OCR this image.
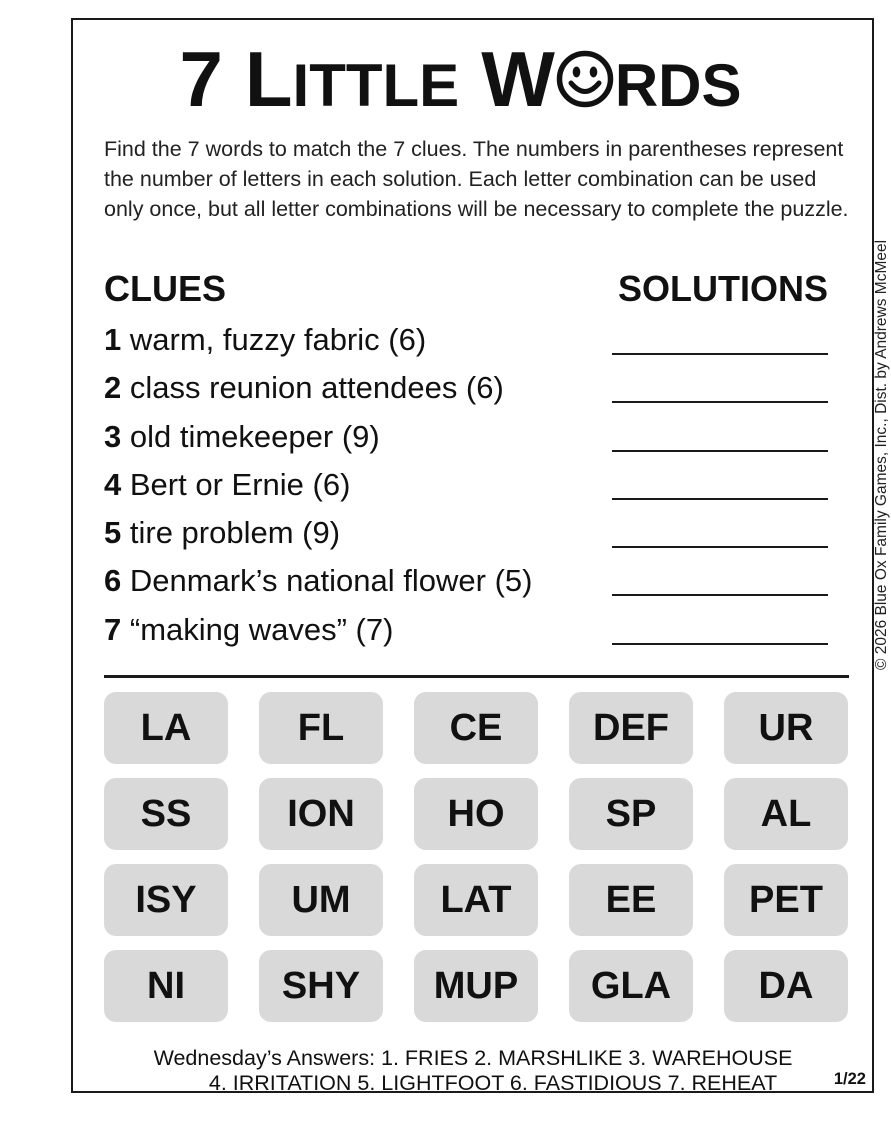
7 LITTLE W RDS

Find the 7 words to match the 7 clues. The numbers in parentheses represent the number of letters in each solution. Each letter combination can be used only once, but all letter combinations will be necessary to complete the puzzle.

CLUES	SOLUTIONS
1 warm, fuzzy fabric (6)
2 class reunion attendees (6)
3 old timekeeper (9)
4 Bert or Ernie (6)
5 tire problem (9)
6 Denmark’s national flower (5)
7 “making waves” (7)	© 2026 Blue Ox Family Games, Inc., Dist. by Andrews McMeel
LA	FL	CE	DEF	UR
SS	ION	HO	SP	AL
ISY	UM	LAT	EE	PET
NI	SHY	MUP	GLA	DA
Wednesday’s Answers: 1. FRIES 2. MARSHLIKE 3. WAREHOUSE
4. IRRITATION 5. LIGHTFOOT 6. FASTIDIOUS 7. REHEAT	1/22
